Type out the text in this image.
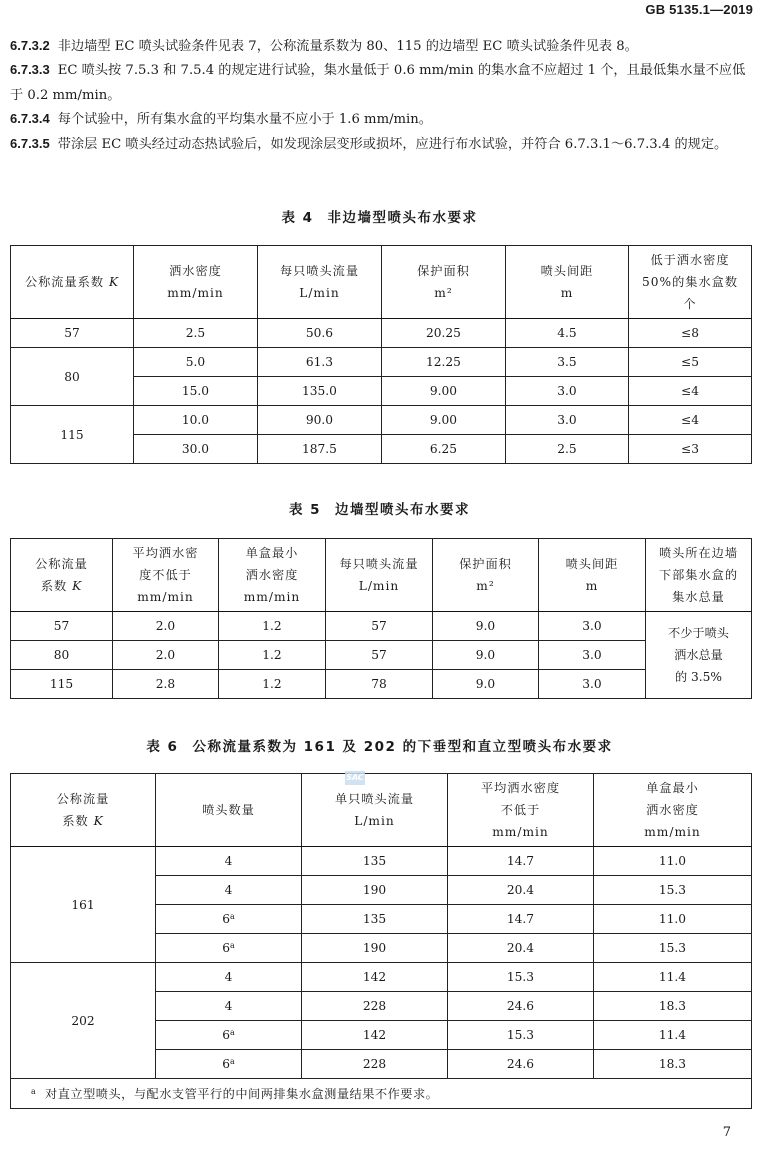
GB 5135.1—2019
6.7.3.2 非边墙型 EC 喷头试验条件见表 7，公称流量系数为 80、115 的边墙型 EC 喷头试验条件见表 8。
6.7.3.3 EC 喷头按 7.5.3 和 7.5.4 的规定进行试验，集水量低于 0.6 mm/min 的集水盒不应超过 1 个，且最低集水量不应低于 0.2 mm/min。
6.7.3.4 每个试验中，所有集水盒的平均集水量不应小于 1.6 mm/min。
6.7.3.5 带涂层 EC 喷头经过动态热试验后，如发现涂层变形或损坏，应进行布水试验，并符合 6.7.3.1～6.7.3.4 的规定。
表 4 非边墙型喷头布水要求
公称流量系数 K	
洒水密度
mm/min

每只喷头流量
L/min

保护面积
m²

喷头间距
m

低于洒水密度
50%的集水盒数
个

57	2.5	50.6	20.25	4.5	≤8
80	5.0	61.3	12.25	3.5	≤5
	15.0	135.0	9.00	3.0	≤4
115	10.0	90.0	9.00	3.0	≤4
	30.0	187.5	6.25	2.5	≤3
表 5 边墙型喷头布水要求
公称流量
系数 K

平均洒水密
度不低于
mm/min

单盒最小
洒水密度
mm/min

每只喷头流量
L/min

保护面积
m²

喷头间距
m

喷头所在边墙
下部集水盒的
集水总量

57	2.0	1.2	57	9.0	3.0	不少于喷头
洒水总量
的 3.5%

80	2.0	1.2	57	9.0	3.0	
115	2.8	1.2	78	9.0	3.0	
表 6 公称流量系数为 161 及 202 的下垂型和直立型喷头布水要求
公称流量
系数 K

喷头数量

单只喷头流量
L/min

平均洒水密度
不低于
mm/min

单盒最小
洒水密度
mm/min

161	4	135	14.7	11.0
	4	190	20.4	15.3
	6$^a$	135	14.7	11.0
	6$^a$	190	20.4	15.3
202	4	142	15.3	11.4
	4	228	24.6	18.3
	6$^a$	142	15.3	11.4
	6$^a$	228	24.6	18.3
$^a$ 对直立型喷头，与配水支管平行的中间两排集水盒测量结果不作要求。				
SAC
7
